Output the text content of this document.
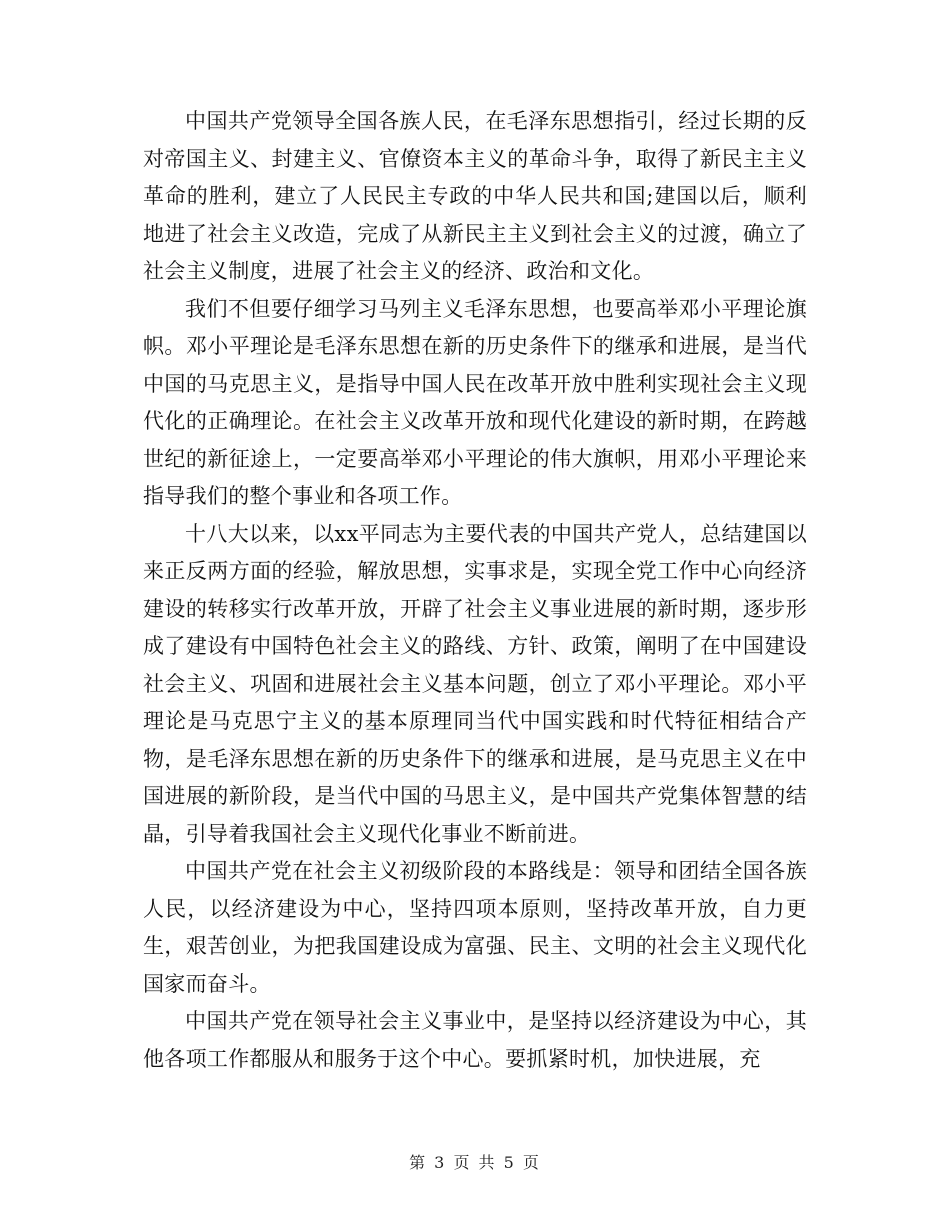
中国共产党领导全国各族人民，在毛泽东思想指引，经过长期的反对帝国主义、封建主义、官僚资本主义的革命斗争，取得了新民主主义革命的胜利，建立了人民民主专政的中华人民共和国;建国以后，顺利地进了社会主义改造，完成了从新民主主义到社会主义的过渡，确立了社会主义制度，进展了社会主义的经济、政治和文化。

我们不但要仔细学习马列主义毛泽东思想，也要高举邓小平理论旗帜。邓小平理论是毛泽东思想在新的历史条件下的继承和进展，是当代中国的马克思主义，是指导中国人民在改革开放中胜利实现社会主义现代化的正确理论。在社会主义改革开放和现代化建设的新时期，在跨越世纪的新征途上，一定要高举邓小平理论的伟大旗帜，用邓小平理论来指导我们的整个事业和各项工作。

十八大以来，以xx平同志为主要代表的中国共产党人，总结建国以来正反两方面的经验，解放思想，实事求是，实现全党工作中心向经济建设的转移实行改革开放，开辟了社会主义事业进展的新时期，逐步形成了建设有中国特色社会主义的路线、方针、政策，阐明了在中国建设社会主义、巩固和进展社会主义基本问题，创立了邓小平理论。邓小平理论是马克思宁主义的基本原理同当代中国实践和时代特征相结合产物，是毛泽东思想在新的历史条件下的继承和进展，是马克思主义在中国进展的新阶段，是当代中国的马思主义，是中国共产党集体智慧的结晶，引导着我国社会主义现代化事业不断前进。

中国共产党在社会主义初级阶段的本路线是：领导和团结全国各族人民，以经济建设为中心，坚持四项本原则，坚持改革开放，自力更生，艰苦创业，为把我国建设成为富强、民主、文明的社会主义现代化国家而奋斗。

中国共产党在领导社会主义事业中，是坚持以经济建设为中心，其他各项工作都服从和服务于这个中心。要抓紧时机，加快进展，充

第 3 页 共 5 页
